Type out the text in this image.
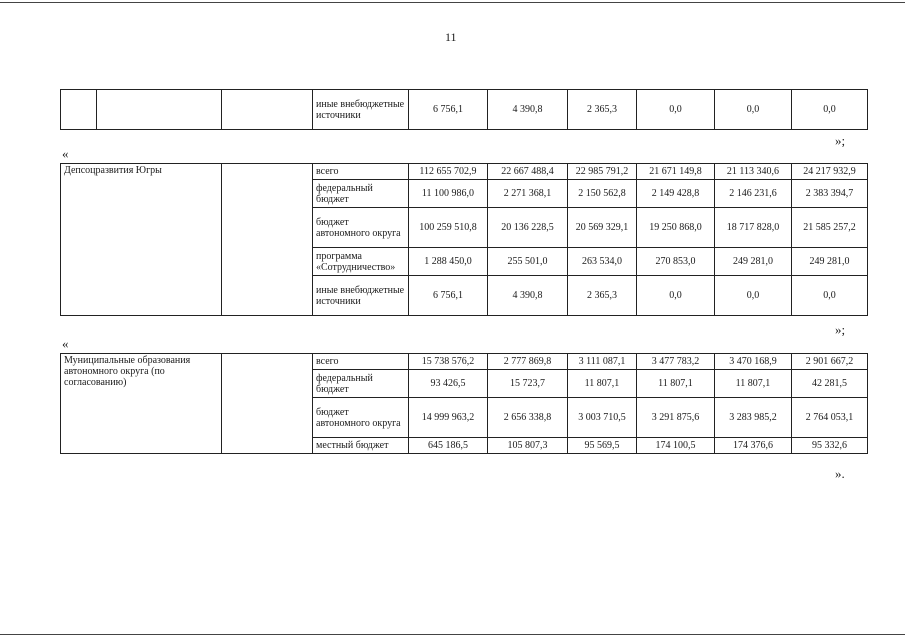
11
			иные внебюджетные источники	6 756,1	4 390,8	2 365,3	0,0	0,0	0,0
»;
«
Депсоцразвития Югры		всего	112 655 702,9	22 667 488,4	22 985 791,2	21 671 149,8	21 113 340,6	24 217 932,9
		федеральный бюджет	11 100 986,0	2 271 368,1	2 150 562,8	2 149 428,8	2 146 231,6	2 383 394,7
		бюджет автономного округа	100 259 510,8	20 136 228,5	20 569 329,1	19 250 868,0	18 717 828,0	21 585 257,2
		программа «Сотрудничество»	1 288 450,0	255 501,0	263 534,0	270 853,0	249 281,0	249 281,0
		иные внебюджетные источники	6 756,1	4 390,8	2 365,3	0,0	0,0	0,0
»;
«
Муниципальные образования автономного округа (по согласованию)		всего	15 738 576,2	2 777 869,8	3 111 087,1	3 477 783,2	3 470 168,9	2 901 667,2
		федеральный бюджет	93 426,5	15 723,7	11 807,1	11 807,1	11 807,1	42 281,5
		бюджет автономного округа	14 999 963,2	2 656 338,8	3 003 710,5	3 291 875,6	3 283 985,2	2 764 053,1
		местный бюджет	645 186,5	105 807,3	95 569,5	174 100,5	174 376,6	95 332,6
».
